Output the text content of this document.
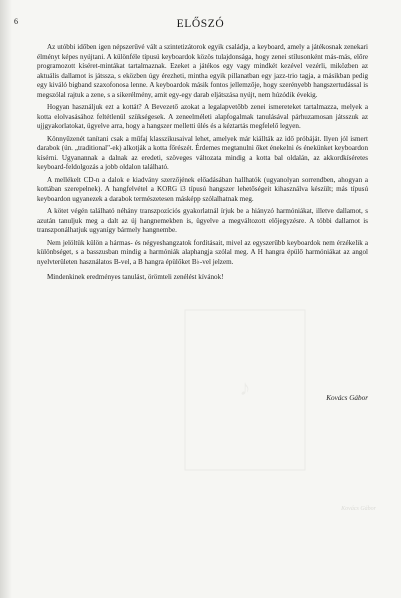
6	ELŐSZÓ

Az utóbbi időben igen népszerűvé vált a szintetizátorok egyik családja, a keyboard, amely a játékosnak zenekari élményt képes nyújtani. A különféle típusú keyboardok közös tulajdonsága, hogy zenei stílusonként más-más, előre programozott kíséret-mintákat tartalmaznak. Ezeket a játékos egy vagy mindkét kezével vezérli, miközben az aktuális dallamot is játssza, s eközben úgy érezheti, mintha egyik pillanatban egy jazz-trio tagja, a másikban pedig egy kiváló bigband szaxofonosa lenne. A keyboardok másik fontos jellemzője, hogy szerényebb hangszertudással is megszólal rajtuk a zene, s a sikerélmény, amit egy-egy darab eljátszása nyújt, nem húzódik évekig.

Hogyan használjuk ezt a kottát? A Bevezető azokat a legalapvetőbb zenei ismereteket tartalmazza, melyek a kotta elolvasásához feltétlenül szükségesek. A zeneelméleti alapfogalmak tanulásával párhuzamosan játsszuk az ujjgyakorlatokat, ügyelve arra, hogy a hangszer melletti ülés és a kéztartás megfelelő legyen.

Könnyűzenét tanítani csak a műfaj klasszikusaival lehet, amelyek már kiállták az idő próbáját. Ilyen jól ismert darabok (ún. „traditional"-ek) alkotják a kotta főrészét. Érdemes megtanulni őket énekelni és énekünket keyboardon kísérni. Ugyanannak a dalnak az eredeti, szöveges változata mindig a kotta bal oldalán, az akkordkíséretes keyboard-feldolgozás a jobb oldalon található.

A mellékelt CD-n a dalok e kiadvány szerzőjének előadásában hallhatók (ugyanolyan sorrendben, ahogyan a kottában szerepelnek). A hangfelvétel a KORG i3 típusú hangszer lehetőségeit kihasználva készült; más típusú keyboardon ugyanezek a darabok természetesen másképp szólalhatnak meg.

A kötet végén található néhány transzpozíciós gyakorlatnál írjuk be a hiányzó harmóniákat, illetve dallamot, s azután tanuljuk meg a dalt az új hangnemekben is, ügyelve a megváltozott előjegyzésre. A többi dallamot is transzponálhatjuk ugyanígy bármely hangnembe.

Nem jelöltük külön a hármas- és négyeshangzatok fordításait, mivel az egyszerűbb keyboardok nem érzékelik a különbséget, s a basszusban mindig a harmóniák alaphangja szólal meg. A H hangra épülő harmóniákat az angol nyelvterületen használatos B-vel, a B hangra épülőket B♭-vel jelzem.

Mindenkinek eredményes tanulást, örömteli zenélést kívánok!

Kovács Gábor
♪
Kovács Gábor
